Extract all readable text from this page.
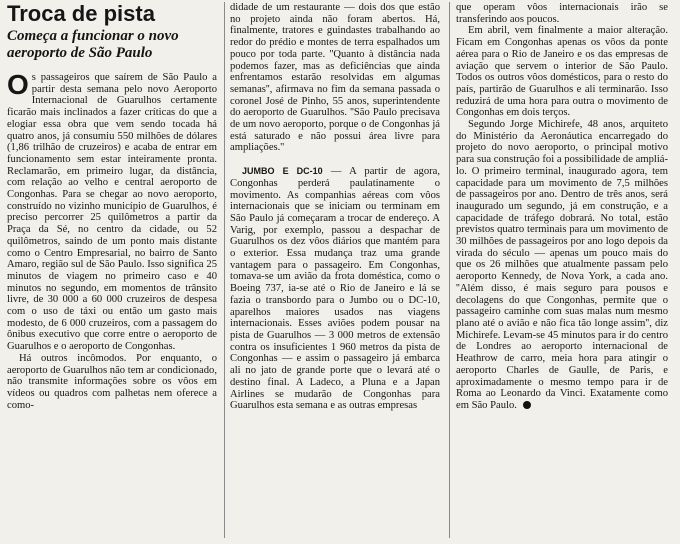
Troca de pista
Começa a funcionar o novo aeroporto de São Paulo

Os passageiros que saírem de São Paulo a partir desta semana pelo novo Aeroporto Internacional de Guarulhos certamente ficarão mais inclinados a fazer críticas do que a elogiar essa obra que vem sendo tocada há quatro anos, já consumiu 550 milhões de dólares (1,86 trilhão de cruzeiros) e acaba de entrar em funcionamento sem estar inteiramente pronta. Reclamarão, em primeiro lugar, da distância, com relação ao velho e central aeroporto de Congonhas. Para se chegar ao novo aeroporto, construído no vizinho município de Guarulhos, é preciso percorrer 25 quilômetros a partir da Praça da Sé, no centro da cidade, ou 52 quilômetros, saindo de um ponto mais distante como o Centro Empresarial, no bairro de Santo Amaro, região sul de São Paulo. Isso significa 25 minutos de viagem no primeiro caso e 40 minutos no segundo, em momentos de trânsito livre, de 30 000 a 60 000 cruzeiros de despesa com o uso de táxi ou então um gasto mais modesto, de 6 000 cruzeiros, com a passagem do ônibus executivo que corre entre o aeroporto de Guarulhos e o aeroporto de Congonhas.

Há outros incômodos. Por enquanto, o aeroporto de Guarulhos não tem ar condicionado, não transmite informações sobre os vôos em vídeos ou quadros com palhetas nem oferece a como-

didade de um restaurante — dois dos que estão no projeto ainda não foram abertos. Há, finalmente, tratores e guindastes trabalhando ao redor do prédio e montes de terra espalhados um pouco por toda parte. ''Quanto à distância nada podemos fazer, mas as deficiências que ainda enfrentamos estarão resolvidas em algumas semanas'', afirmava no fim da semana passada o coronel José de Pinho, 55 anos, superintendente do aeroporto de Guarulhos. ''São Paulo precisava de um novo aeroporto, porque o de Congonhas já está saturado e não possui área livre para ampliações.''

JUMBO E DC-10 — A partir de agora, Congonhas perderá paulatinamente o movimento. As companhias aéreas com vôos internacionais que se iniciam ou terminam em São Paulo já começaram a trocar de endereço. A Varig, por exemplo, passou a despachar de Guarulhos os dez vôos diários que mantém para o exterior. Essa mudança traz uma grande vantagem para o passageiro. Em Congonhas, tomava-se um avião da frota doméstica, como o Boeing 737, ia-se até o Rio de Janeiro e lá se fazia o transbordo para o Jumbo ou o DC-10, aparelhos maiores usados nas viagens internacionais. Esses aviões podem pousar na pista de Guarulhos — 3 000 metros de extensão contra os insuficientes 1 960 metros da pista de Congonhas — e assim o passageiro já embarca ali no jato de grande porte que o levará até o destino final. A Ladeco, a Pluna e a Japan Airlines se mudarão de Congonhas para Guarulhos esta semana e as outras empresas

que operam vôos internacionais irão se transferindo aos poucos.

Em abril, vem finalmente a maior alteração. Ficam em Congonhas apenas os vôos da ponte aérea para o Rio de Janeiro e os das empresas de aviação que servem o interior de São Paulo. Todos os outros vôos domésticos, para o resto do país, partirão de Guarulhos e ali terminarão. Isso reduzirá de uma hora para outra o movimento de Congonhas em dois terços.

Segundo Jorge Michirefe, 48 anos, arquiteto do Ministério da Aeronáutica encarregado do projeto do novo aeroporto, o principal motivo para sua construção foi a possibilidade de ampliá-lo. O primeiro terminal, inaugurado agora, tem capacidade para um movimento de 7,5 milhões de passageiros por ano. Dentro de três anos, será inaugurado um segundo, já em construção, e a capacidade de tráfego dobrará. No total, estão previstos quatro terminais para um movimento de 30 milhões de passageiros por ano logo depois da virada do século — apenas um pouco mais do que os 26 milhões que atualmente passam pelo aeroporto Kennedy, de Nova York, a cada ano. ''Além disso, é mais seguro para pousos e decolagens do que Congonhas, permite que o passageiro caminhe com suas malas num mesmo plano até o avião e não fica tão longe assim'', diz Michirefe. Levam-se 45 minutos para ir do centro de Londres ao aeroporto internacional de Heathrow de carro, meia hora para atingir o aeroporto Charles de Gaulle, de Paris, e aproximadamente o mesmo tempo para ir de Roma ao Leonardo da Vinci. Exatamente como em São Paulo.
